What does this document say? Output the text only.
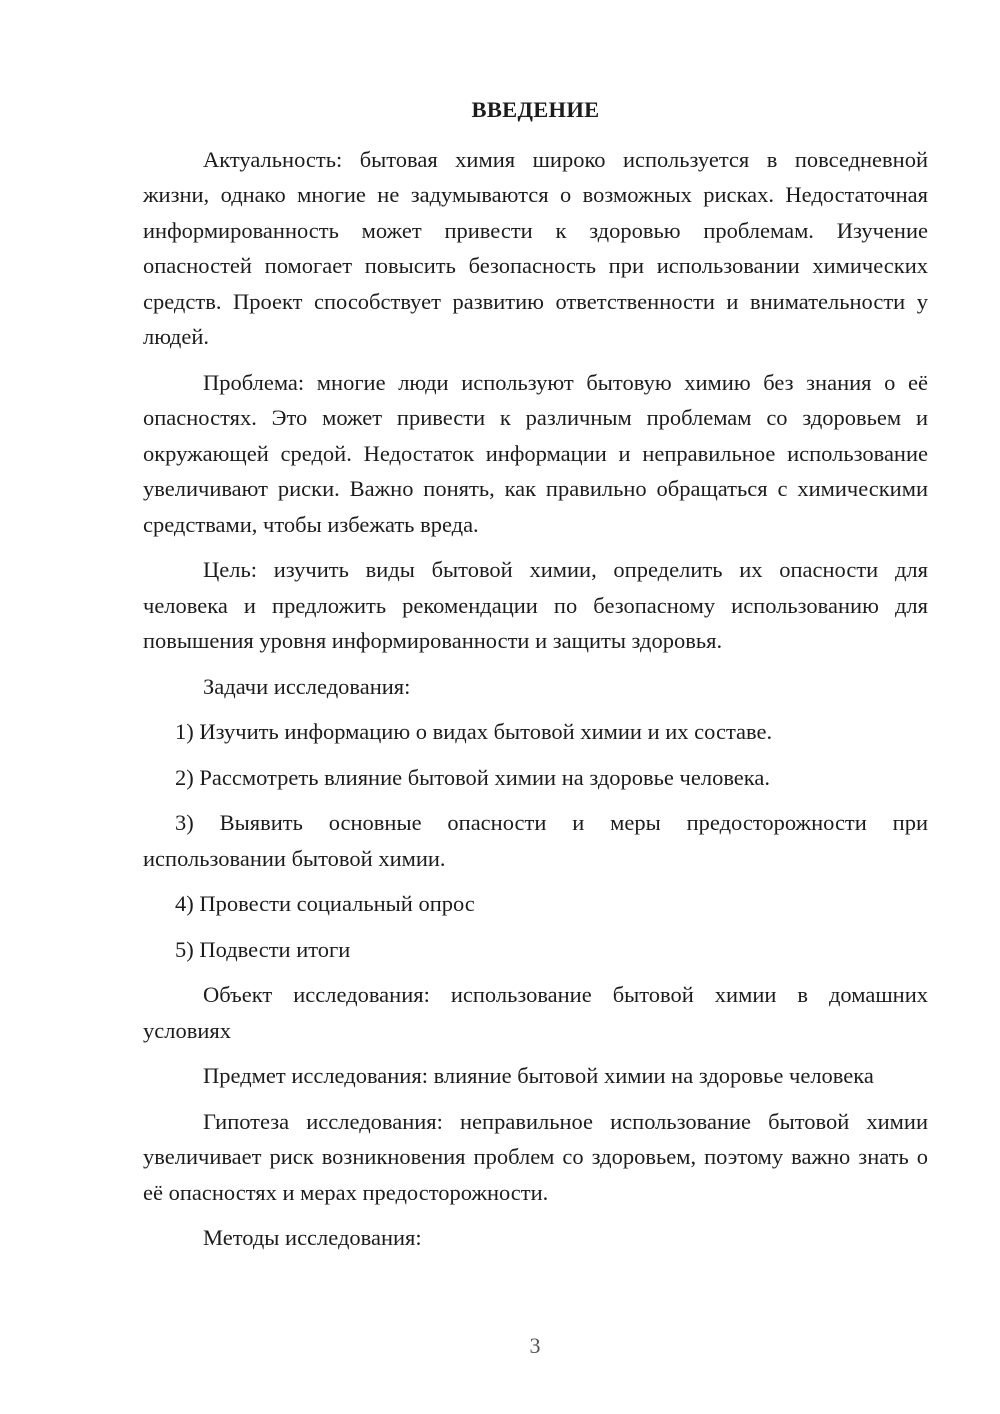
ВВЕДЕНИЕ

Актуальность: бытовая химия широко используется в повседневной жизни, однако многие не задумываются о возможных рисках. Недостаточная информированность может привести к здоровью проблемам. Изучение опасностей помогает повысить безопасность при использовании химических средств. Проект способствует развитию ответственности и внимательности у людей.

Проблема: многие люди используют бытовую химию без знания о её опасностях. Это может привести к различным проблемам со здоровьем и окружающей средой. Недостаток информации и неправильное использование увеличивают риски. Важно понять, как правильно обращаться с химическими средствами, чтобы избежать вреда.

Цель: изучить виды бытовой химии, определить их опасности для человека и предложить рекомендации по безопасному использованию для повышения уровня информированности и защиты здоровья.

Задачи исследования:

1) Изучить информацию о видах бытовой химии и их составе.

2) Рассмотреть влияние бытовой химии на здоровье человека.

3) Выявить основные опасности и меры предосторожности при использовании бытовой химии.

4) Провести социальный опрос

5) Подвести итоги

Объект исследования: использование бытовой химии в домашних условиях

Предмет исследования: влияние бытовой химии на здоровье человека

Гипотеза исследования: неправильное использование бытовой химии увеличивает риск возникновения проблем со здоровьем, поэтому важно знать о её опасностях и мерах предосторожности.

Методы исследования:

3
